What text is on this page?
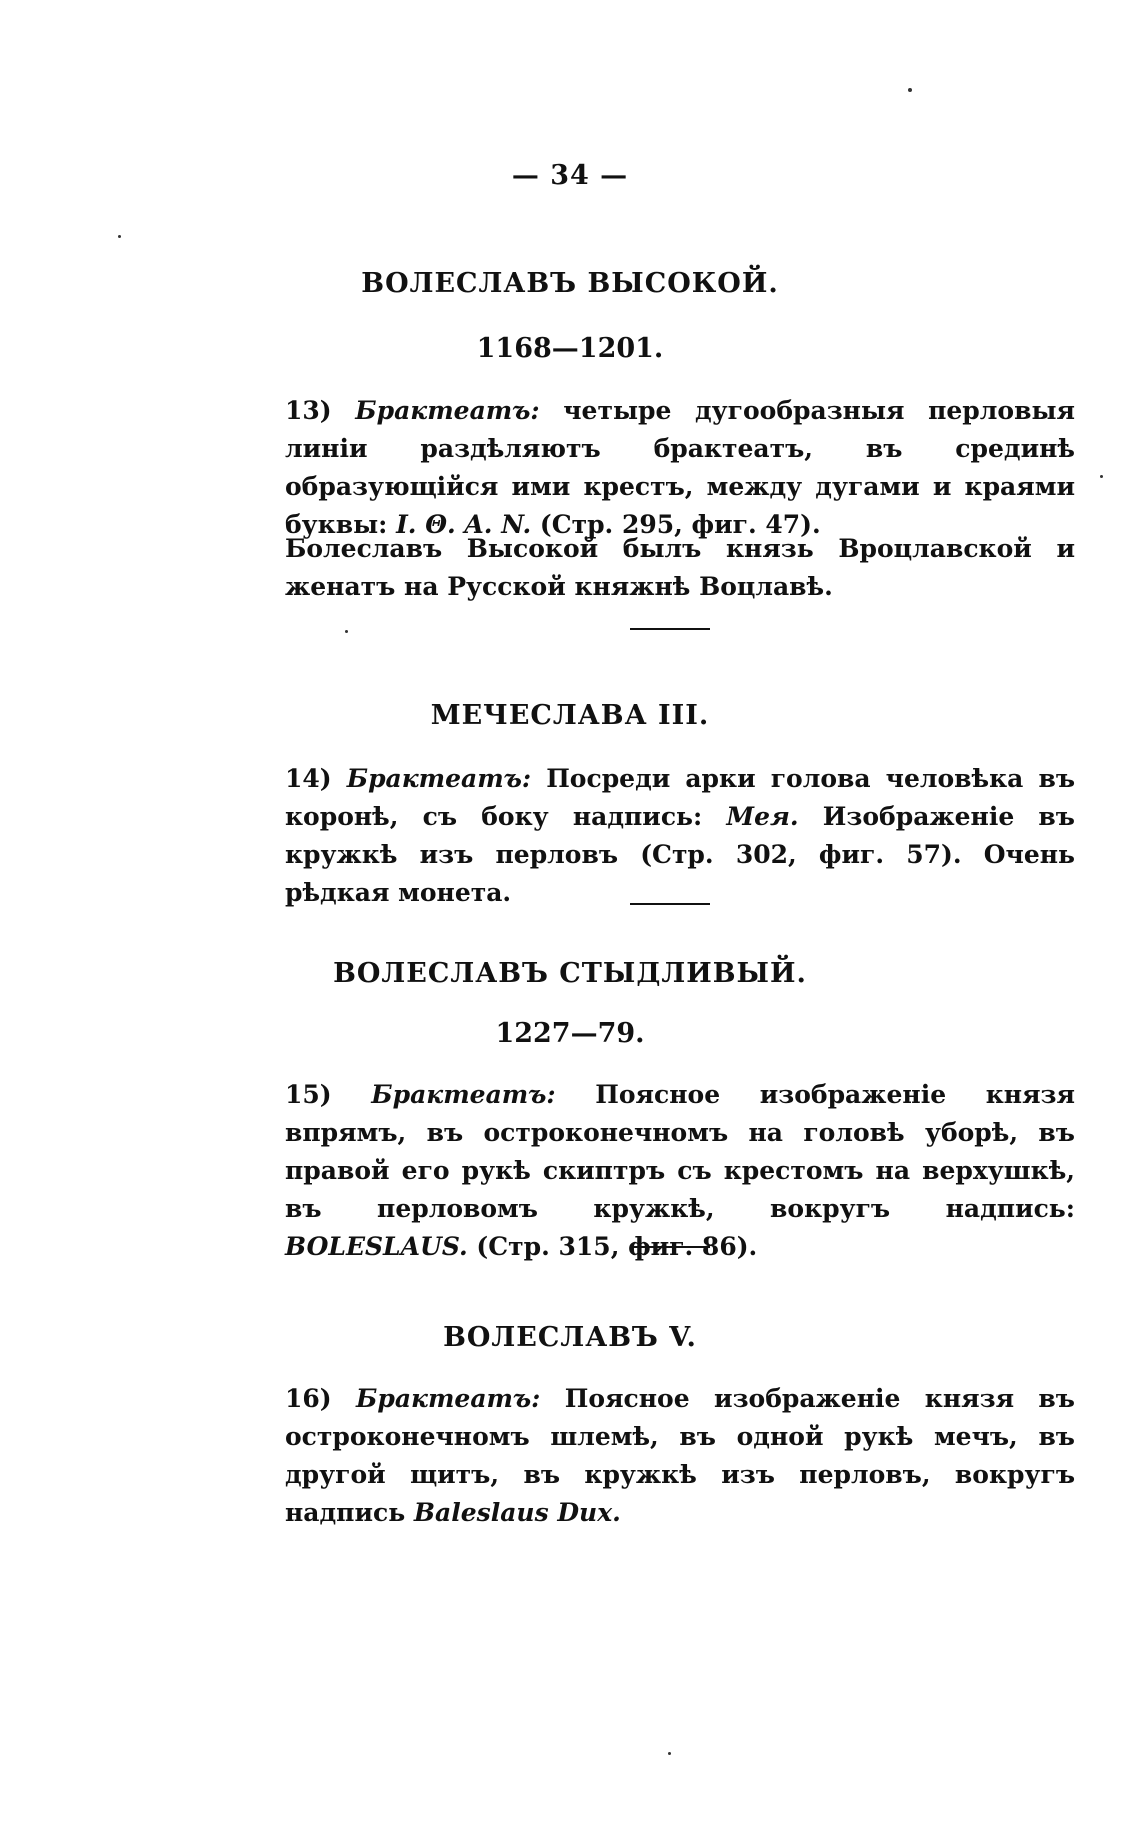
— 34 —
ВОЛЕСЛАВЪ ВЫСОКОЙ.
1168—1201.
13) Брактеатъ: четыре дугообразныя перловыя линіи раздѣляютъ брактеатъ, въ срединѣ образующійся ими крестъ, между дугами и краями буквы: I. Θ. A. N. (Стр. 295, фиг. 47).
Болеславъ Высокой былъ князь Вроцлавской и женатъ на Русской княжнѣ Воцлавѣ.
МЕЧЕСЛАВА III.
14) Брактеатъ: Посреди арки голова человѣка въ коронѣ, съ боку надпись: Мея. Изображеніе въ кружкѣ изъ перловъ (Стр. 302, фиг. 57). Очень рѣдкая монета.
ВОЛЕСЛАВЪ СТЫДЛИВЫЙ.
1227—79.
15) Брактеатъ: Поясное изображеніе князя впрямъ, въ остроконечномъ на головѣ уборѣ, въ правой его рукѣ скиптръ съ крестомъ на верхушкѣ, въ перловомъ кружкѣ, вокругъ надпись: BOLESLAUS. (Стр. 315, фиг. 86).
ВОЛЕСЛАВЪ V.
16) Брактеатъ: Поясное изображеніе князя въ остроконечномъ шлемѣ, въ одной рукѣ мечъ, въ другой щитъ, въ кружкѣ изъ перловъ, вокругъ надпись Baleslaus Dux.
